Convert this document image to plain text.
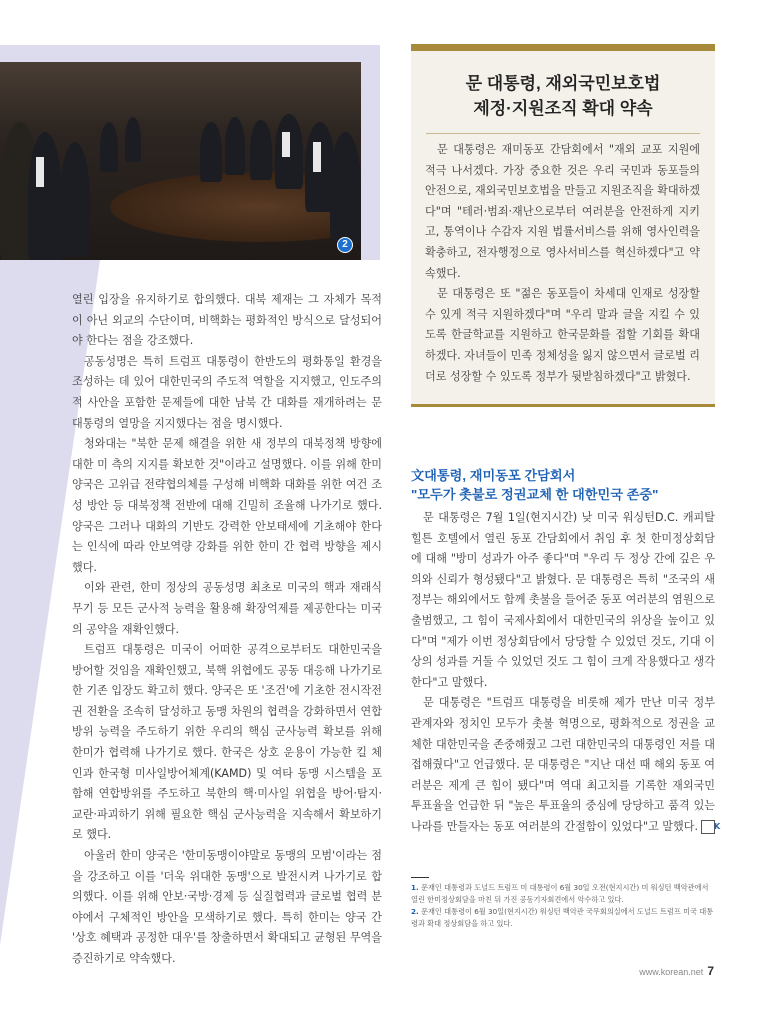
2

열린 입장을 유지하기로 합의했다. 대북 제재는 그 자체가 목적이 아닌 외교의 수단이며, 비핵화는 평화적인 방식으로 달성되어야 한다는 점을 강조했다.

공동성명은 특히 트럼프 대통령이 한반도의 평화통일 환경을 조성하는 데 있어 대한민국의 주도적 역할을 지지했고, 인도주의적 사안을 포함한 문제들에 대한 남북 간 대화를 재개하려는 문 대통령의 열망을 지지했다는 점을 명시했다.

청와대는 "북한 문제 해결을 위한 새 정부의 대북정책 방향에 대한 미 측의 지지를 확보한 것"이라고 설명했다. 이를 위해 한미 양국은 고위급 전략협의체를 구성해 비핵화 대화를 위한 여건 조성 방안 등 대북정책 전반에 대해 긴밀히 조율해 나가기로 했다. 양국은 그러나 대화의 기반도 강력한 안보태세에 기초해야 한다는 인식에 따라 안보역량 강화를 위한 한미 간 협력 방향을 제시했다.

이와 관련, 한미 정상의 공동성명 최초로 미국의 핵과 재래식 무기 등 모든 군사적 능력을 활용해 확장억제를 제공한다는 미국의 공약을 재확인했다.

트럼프 대통령은 미국이 어떠한 공격으로부터도 대한민국을 방어할 것임을 재확인했고, 북핵 위협에도 공동 대응해 나가기로 한 기존 입장도 확고히 했다. 양국은 또 '조건'에 기초한 전시작전권 전환을 조속히 달성하고 동맹 차원의 협력을 강화하면서 연합방위 능력을 주도하기 위한 우리의 핵심 군사능력 확보를 위해 한미가 협력해 나가기로 했다. 한국은 상호 운용이 가능한 킬 체인과 한국형 미사일방어체계(KAMD) 및 여타 동맹 시스템을 포함해 연합방위를 주도하고 북한의 핵·미사일 위협을 방어·탐지·교란·파괴하기 위해 필요한 핵심 군사능력을 지속해서 확보하기로 했다.

아울러 한미 양국은 '한미동맹이야말로 동맹의 모범'이라는 점을 강조하고 이를 '더욱 위대한 동맹'으로 발전시켜 나가기로 합의했다. 이를 위해 안보·국방·경제 등 실질협력과 글로벌 협력 분야에서 구체적인 방안을 모색하기로 했다. 특히 한미는 양국 간 '상호 혜택과 공정한 대우'를 창출하면서 확대되고 균형된 무역을 증진하기로 약속했다.

문 대통령, 재외국민보호법
제정·지원조직 확대 약속

문 대통령은 재미동포 간담회에서 "재외 교포 지원에 적극 나서겠다. 가장 중요한 것은 우리 국민과 동포들의 안전으로, 재외국민보호법을 만들고 지원조직을 확대하겠다"며 "테러·범죄·재난으로부터 여러분을 안전하게 지키고, 통역이나 수감자 지원 법률서비스를 위해 영사인력을 확충하고, 전자행정으로 영사서비스를 혁신하겠다"고 약속했다.

문 대통령은 또 "젊은 동포들이 차세대 인재로 성장할 수 있게 적극 지원하겠다"며 "우리 말과 글을 지킬 수 있도록 한글학교를 지원하고 한국문화를 접할 기회를 확대하겠다. 자녀들이 민족 정체성을 잃지 않으면서 글로벌 리더로 성장할 수 있도록 정부가 뒷받침하겠다"고 밝혔다.

文대통령, 재미동포 간담회서
"모두가 촛불로 정권교체 한 대한민국 존중"

문 대통령은 7월 1일(현지시간) 낮 미국 워싱턴D.C. 캐피탈힐튼 호텔에서 열린 동포 간담회에서 취임 후 첫 한미정상회담에 대해 "방미 성과가 아주 좋다"며 "우리 두 정상 간에 깊은 우의와 신뢰가 형성됐다"고 밝혔다. 문 대통령은 특히 "조국의 새 정부는 해외에서도 함께 촛불을 들어준 동포 여러분의 염원으로 출범했고, 그 힘이 국제사회에서 대한민국의 위상을 높이고 있다"며 "제가 이번 정상회담에서 당당할 수 있었던 것도, 기대 이상의 성과를 거둘 수 있었던 것도 그 힘이 크게 작용했다고 생각한다"고 말했다.

문 대통령은 "트럼프 대통령을 비롯해 제가 만난 미국 정부 관계자와 정치인 모두가 촛불 혁명으로, 평화적으로 정권을 교체한 대한민국을 존중해줬고 그런 대한민국의 대통령인 저를 대접해줬다"고 언급했다. 문 대통령은 "지난 대선 때 해외 동포 여러분은 제게 큰 힘이 됐다"며 역대 최고치를 기록한 재외국민 투표율을 언급한 뒤 "높은 투표율의 중심에 당당하고 품격 있는 나라를 만들자는 동포 여러분의 간절함이 있었다"고 말했다. K

1. 문재인 대통령과 도널드 트럼프 미 대통령이 6월 30일 오전(현지시간) 미 워싱턴 백악관에서 열린 한미정상회담을 마친 뒤 가진 공동기자회견에서 악수하고 있다.

2. 문재인 대통령이 6월 30일(현지시간) 워싱턴 백악관 국무회의실에서 도널드 트럼프 미국 대통령과 확대 정상회담을 하고 있다.

www.korean.net 7
